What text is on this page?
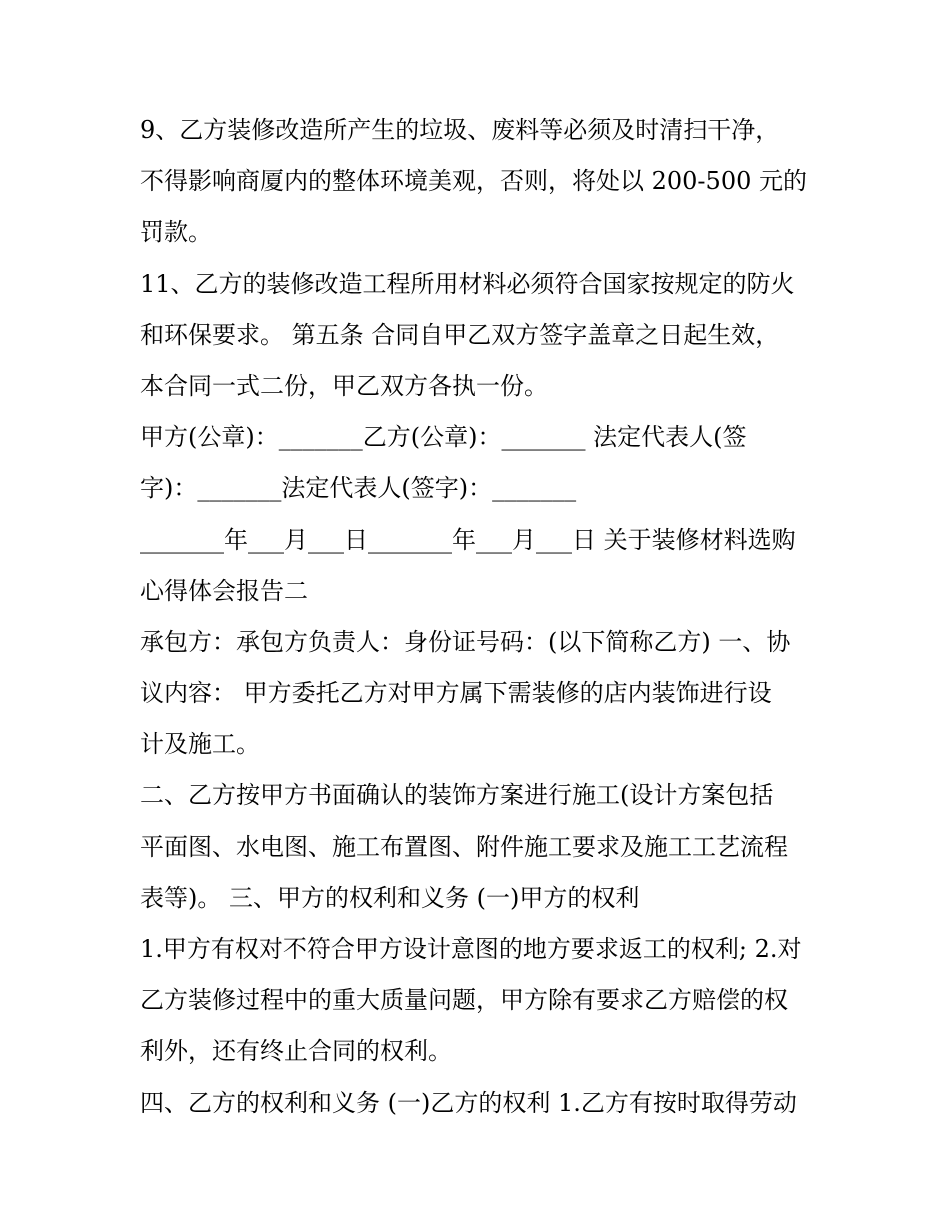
9、乙方装修改造所产生的垃圾、废料等必须及时清扫干净，
不得影响商厦内的整体环境美观，否则，将处以 200-500 元的
罚款。
11、乙方的装修改造工程所用材料必须符合国家按规定的防火
和环保要求。 第五条 合同自甲乙双方签字盖章之日起生效，
本合同一式二份，甲乙双方各执一份。
甲方(公章)：_______乙方(公章)：_______ 法定代表人(签
字)：_______法定代表人(签字)：_______
_______年___月___日_______年___月___日 关于装修材料选购
心得体会报告二
承包方：承包方负责人：身份证号码：(以下简称乙方) 一、协
议内容： 甲方委托乙方对甲方属下需装修的店内装饰进行设
计及施工。
二、乙方按甲方书面确认的装饰方案进行施工(设计方案包括
平面图、水电图、施工布置图、附件施工要求及施工工艺流程
表等)。 三、甲方的权利和义务 (一)甲方的权利
1.甲方有权对不符合甲方设计意图的地方要求返工的权利; 2.对
乙方装修过程中的重大质量问题，甲方除有要求乙方赔偿的权
利外，还有终止合同的权利。
四、乙方的权利和义务 (一)乙方的权利 1.乙方有按时取得劳动
